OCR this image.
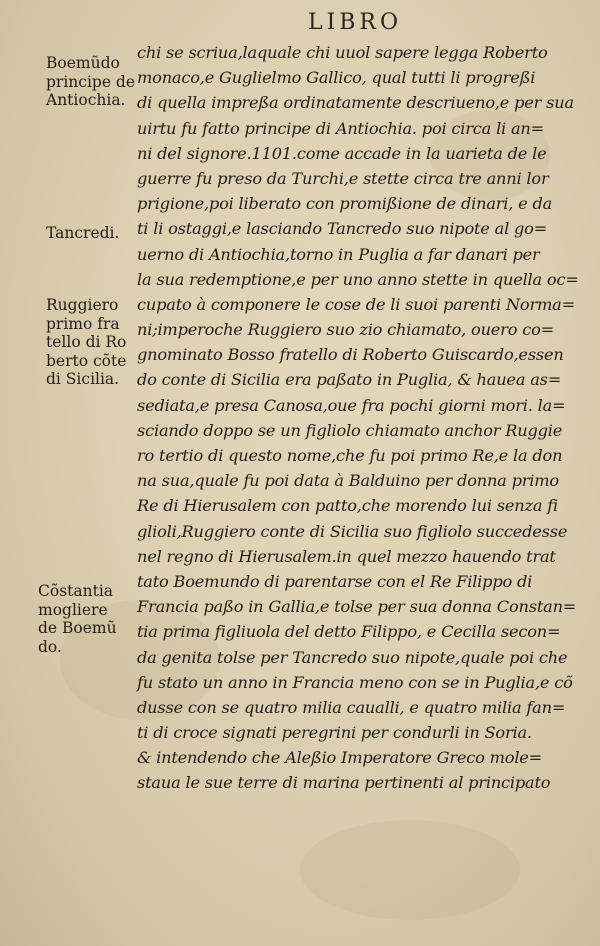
LIBRO
Boemũdo
principe de
Antiochia.
Tancredi.
Ruggiero
primo fra
tello di Ro
berto cõte
di Sicilia.
Cõstantia
mogliere
de Boemũ
do.
chi se scriua,laquale chi uuol sapere legga Roberto
monaco,e Guglielmo Gallico, qual tutti li progreßi
di quella impreßa ordinatamente descriueno,e per sua
uirtu fu fatto principe di Antiochia. poi circa li an=
ni del signore.1101.come accade in la uarieta de le
guerre fu preso da Turchi,e stette circa tre anni lor
prigione,poi liberato con promißione de dinari, e da
ti li ostaggi,e lasciando Tancredo suo nipote al go=
uerno di Antiochia,torno in Puglia a far danari per
la sua redemptione,e per uno anno stette in quella oc=
cupato à componere le cose de li suoi parenti Norma=
ni;imperoche Ruggiero suo zio chiamato, ouero co=
gnominato Bosso fratello di Roberto Guiscardo,essen
do conte di Sicilia era paßato in Puglia, & hauea as=
sediata,e presa Canosa,oue fra pochi giorni mori. la=
sciando doppo se un figliolo chiamato anchor Ruggie
ro tertio di questo nome,che fu poi primo Re,e la don
na sua,quale fu poi data à Balduino per donna primo
Re di Hierusalem con patto,che morendo lui senza fi
glioli,Ruggiero conte di Sicilia suo figliolo succedesse
nel regno di Hierusalem.in quel mezzo hauendo trat
tato Boemundo di parentarse con el Re Filippo di
Francia paßo in Gallia,e tolse per sua donna Constan=
tia prima figliuola del detto Filippo, e Cecilla secon=
da genita tolse per Tancredo suo nipote,quale poi che
fu stato un anno in Francia meno con se in Puglia,e cõ
dusse con se quatro milia caualli, e quatro milia fan=
ti di croce signati peregrini per condurli in Soria.
& intendendo che Aleßio Imperatore Greco mole=
staua le sue terre di marina pertinenti al principato
